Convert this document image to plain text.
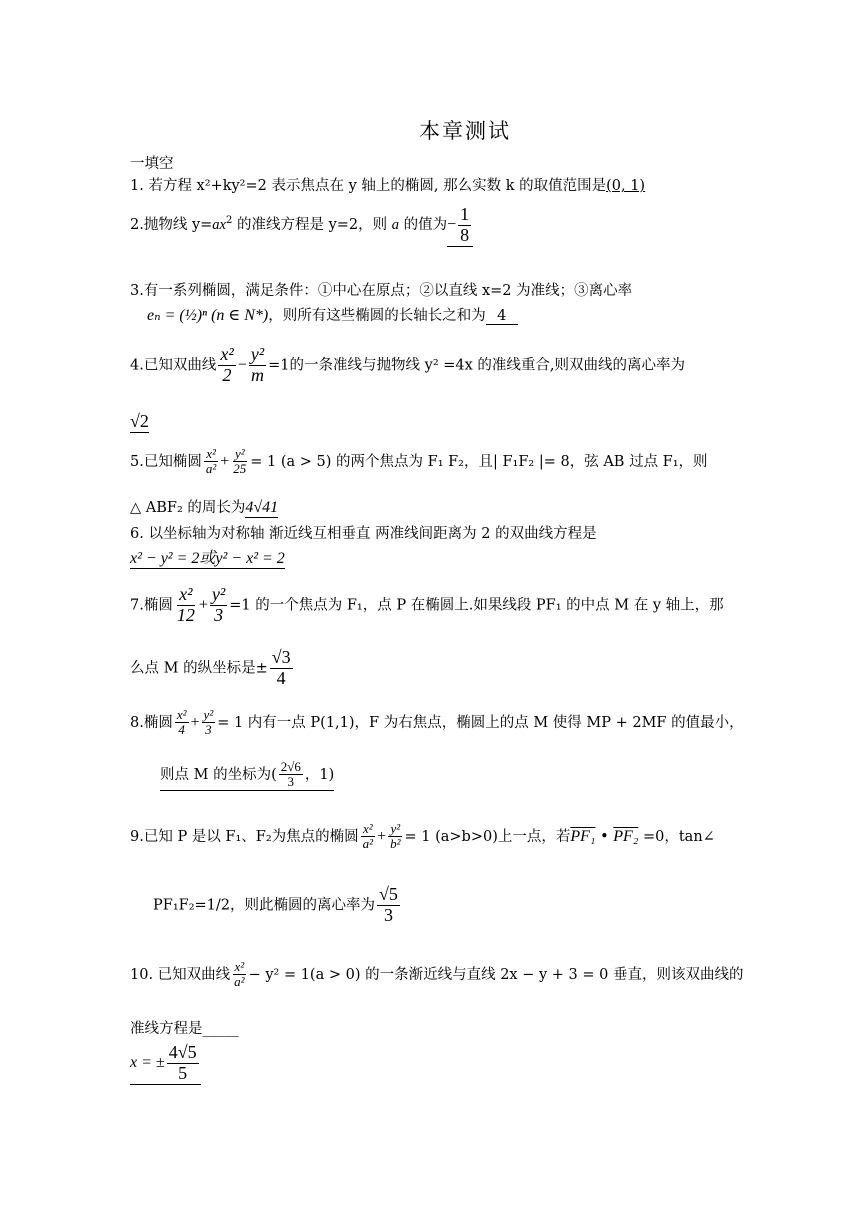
本章测试
一填空
1. 若方程 x²+ky²=2 表示焦点在 y 轴上的椭圆, 那么实数 k 的取值范围是(0, 1)
2.抛物线 $y=ax^2$ 的准线方程是 y=2，则 a 的值为− $\frac{1}{8}$
3.有一系列椭圆，满足条件：①中心在原点；②以直线 x=2 为准线；③离心率
eₙ = (½)ⁿ (n ∈ N*)，则所有这些椭圆的长轴长之和为 4
4.已知双曲线 $\frac{\text{x²}}{2} - \frac{\text{y²}}{m} =1$的一条准线与抛物线 y² =4x 的准线重合,则双曲线的离心率为
√2
5.已知椭圆 $\frac{\text{x²}}{\text{a²}} + \frac{\text{y²}}{25} = 1$ (a > 5) 的两个焦点为 F₁ F₂，且| F₁F₂ |= 8，弦 AB 过点 F₁，则
△ ABF₂ 的周长为4√41
6. 以坐标轴为对称轴 渐近线互相垂直 两准线间距离为 2 的双曲线方程是
x² − y² = 2或y² − x² = 2
7.椭圆 $\frac{\text{x²}}{12} + \frac{\text{y²}}{3} =1$ 的一个焦点为 F₁，点 P 在椭圆上.如果线段 PF₁ 的中点 M 在 y 轴上，那
么点 M 的纵坐标是± $\frac{√3}{4}$
8.椭圆 $\frac{\text{x²}}{4} + \frac{\text{y²}}{3} = 1$ 内有一点 P(1,1)，F 为右焦点，椭圆上的点 M 使得 MP + 2MF 的值最小，
则点 M 的坐标为( $\frac{2√6}{3}$ ，1)
9.已知 P 是以 F₁、F₂为焦点的椭圆 $\frac{\text{x²}}{\text{a²}} + \frac{\text{y²}}{\text{b²}} = 1$ (a>b>0)上一点，若PF₁ • PF₂ =0，tan∠
PF₁F₂=1/2，则此椭圆的离心率为 $\frac{√5}{3}$
10. 已知双曲线 $\frac{\text{x²}}{\text{a²}} - y^2 = 1(a > 0)$ 的一条渐近线与直线 2x − y + 3 = 0 垂直，则该双曲线的
准线方程是_____
x = ± $\frac{4√5}{5}$
